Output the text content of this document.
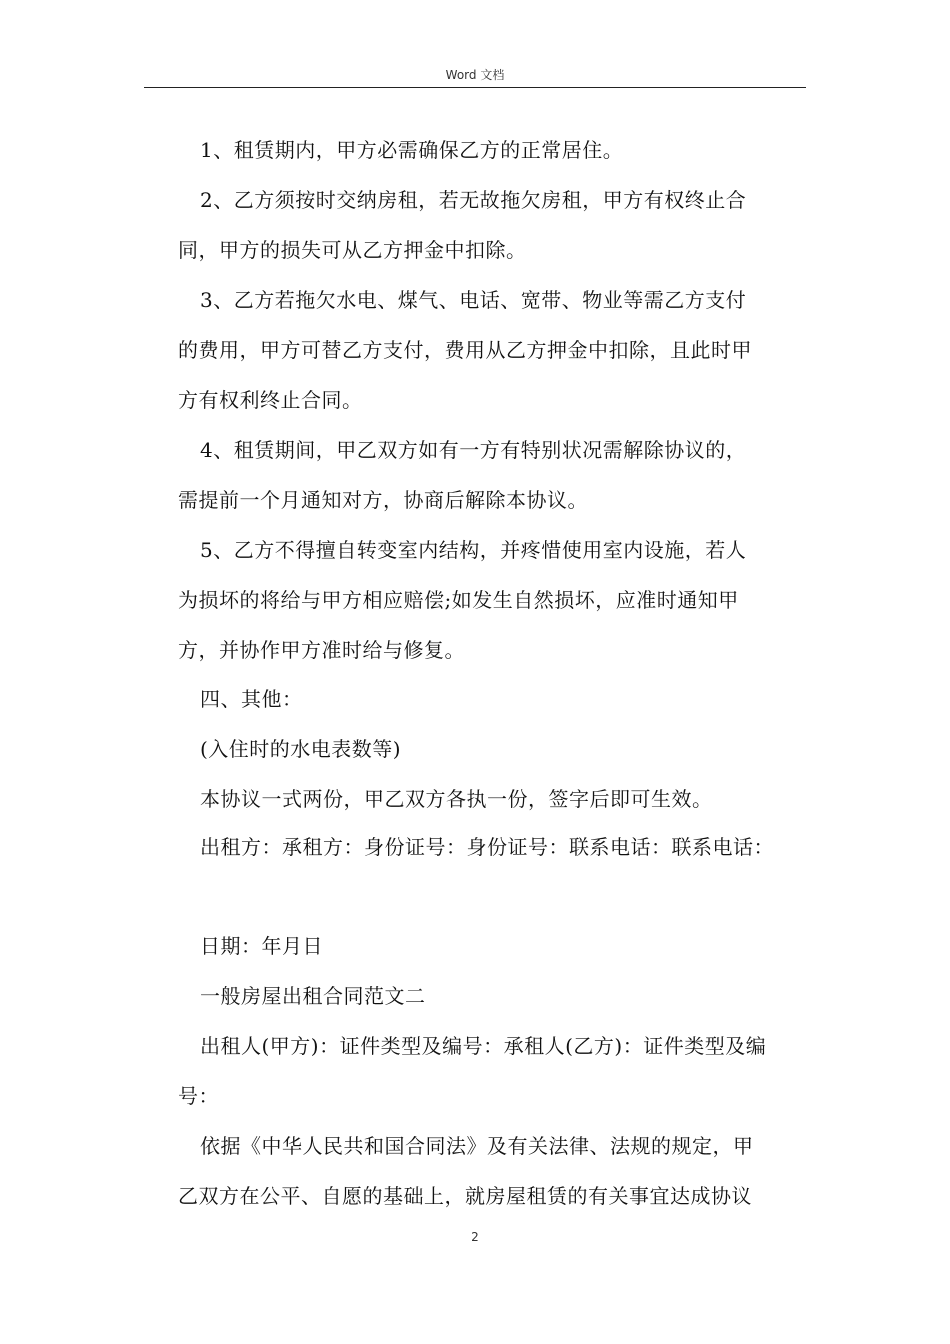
Word 文档
1、租赁期内，甲方必需确保乙方的正常居住。
2、乙方须按时交纳房租，若无故拖欠房租，甲方有权终止合
同，甲方的损失可从乙方押金中扣除。
3、乙方若拖欠水电、煤气、电话、宽带、物业等需乙方支付
的费用，甲方可替乙方支付，费用从乙方押金中扣除，且此时甲
方有权利终止合同。
4、租赁期间，甲乙双方如有一方有特别状况需解除协议的，
需提前一个月通知对方，协商后解除本协议。
5、乙方不得擅自转变室内结构，并疼惜使用室内设施，若人
为损坏的将给与甲方相应赔偿;如发生自然损坏，应准时通知甲
方，并协作甲方准时给与修复。
四、其他：
(入住时的水电表数等)
本协议一式两份，甲乙双方各执一份，签字后即可生效。
出租方：承租方：身份证号：身份证号：联系电话：联系电话：
日期：年月日
一般房屋出租合同范文二
出租人(甲方)：证件类型及编号：承租人(乙方)：证件类型及编
号：
依据《中华人民共和国合同法》及有关法律、法规的规定，甲
乙双方在公平、自愿的基础上，就房屋租赁的有关事宜达成协议
2
